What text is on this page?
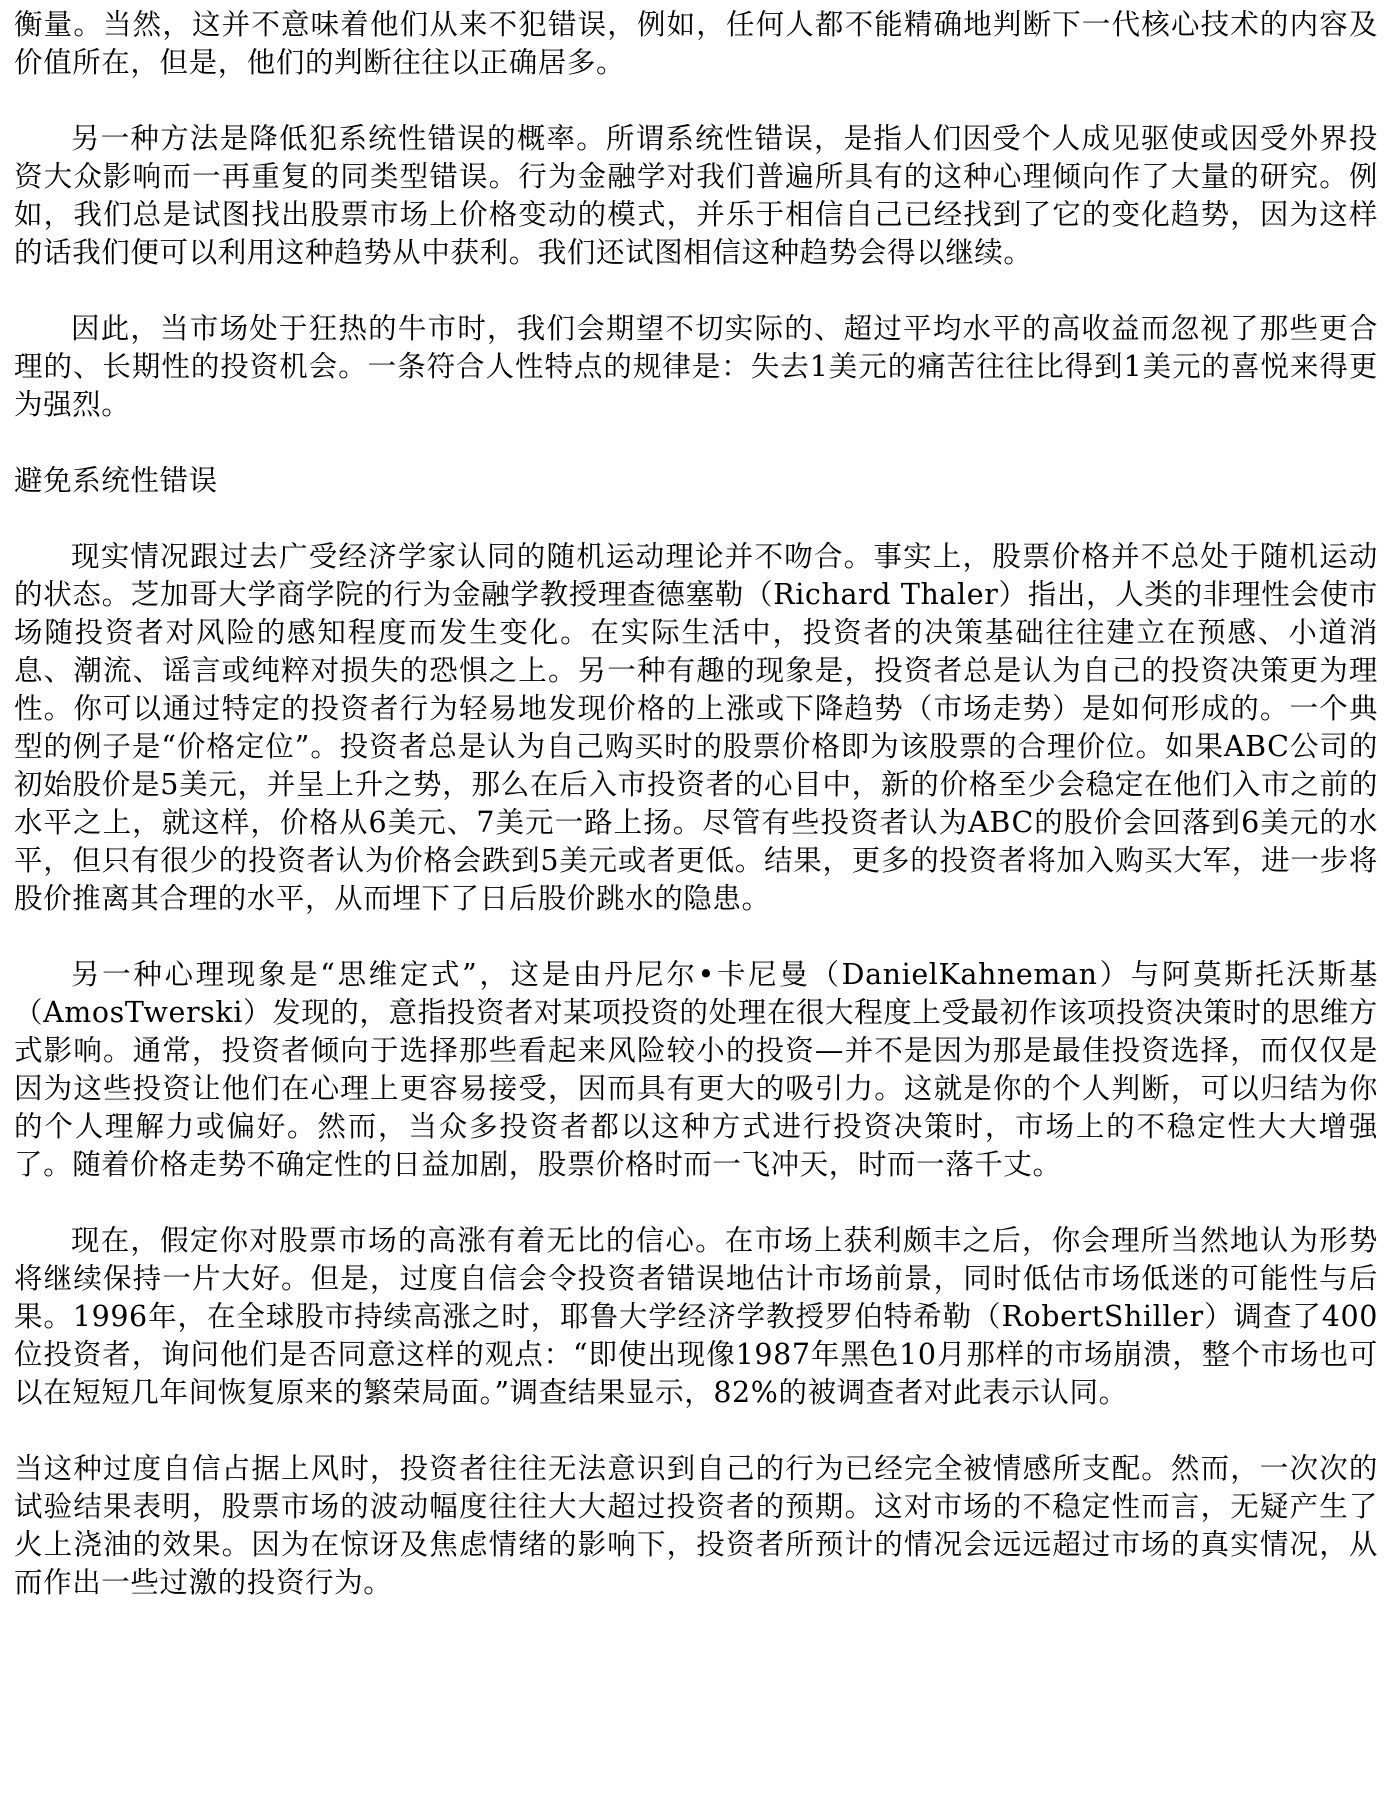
衡量。当然，这并不意味着他们从来不犯错误，例如，任何人都不能精确地判断下一代核心技术的内容及价值所在，但是，他们的判断往往以正确居多。

另一种方法是降低犯系统性错误的概率。所谓系统性错误，是指人们因受个人成见驱使或因受外界投资大众影响而一再重复的同类型错误。行为金融学对我们普遍所具有的这种心理倾向作了大量的研究。例如，我们总是试图找出股票市场上价格变动的模式，并乐于相信自己已经找到了它的变化趋势，因为这样的话我们便可以利用这种趋势从中获利。我们还试图相信这种趋势会得以继续。

因此，当市场处于狂热的牛市时，我们会期望不切实际的、超过平均水平的高收益而忽视了那些更合理的、长期性的投资机会。一条符合人性特点的规律是：失去1美元的痛苦往往比得到1美元的喜悦来得更为强烈。

避免系统性错误

现实情况跟过去广受经济学家认同的随机运动理论并不吻合。事实上，股票价格并不总处于随机运动的状态。芝加哥大学商学院的行为金融学教授理查德塞勒（Richard Thaler）指出，人类的非理性会使市场随投资者对风险的感知程度而发生变化。在实际生活中，投资者的决策基础往往建立在预感、小道消息、潮流、谣言或纯粹对损失的恐惧之上。另一种有趣的现象是，投资者总是认为自己的投资决策更为理性。你可以通过特定的投资者行为轻易地发现价格的上涨或下降趋势（市场走势）是如何形成的。一个典型的例子是“价格定位”。投资者总是认为自己购买时的股票价格即为该股票的合理价位。如果ABC公司的初始股价是5美元，并呈上升之势，那么在后入市投资者的心目中，新的价格至少会稳定在他们入市之前的水平之上，就这样，价格从6美元、7美元一路上扬。尽管有些投资者认为ABC的股价会回落到6美元的水平，但只有很少的投资者认为价格会跌到5美元或者更低。结果，更多的投资者将加入购买大军，进一步将股价推离其合理的水平，从而埋下了日后股价跳水的隐患。

另一种心理现象是“思维定式”，这是由丹尼尔•卡尼曼（DanielKahneman）与阿莫斯托沃斯基（AmosTwerski）发现的，意指投资者对某项投资的处理在很大程度上受最初作该项投资决策时的思维方式影响。通常，投资者倾向于选择那些看起来风险较小的投资—并不是因为那是最佳投资选择，而仅仅是因为这些投资让他们在心理上更容易接受，因而具有更大的吸引力。这就是你的个人判断，可以归结为你的个人理解力或偏好。然而，当众多投资者都以这种方式进行投资决策时，市场上的不稳定性大大增强了。随着价格走势不确定性的日益加剧，股票价格时而一飞冲天，时而一落千丈。

现在，假定你对股票市场的高涨有着无比的信心。在市场上获利颇丰之后，你会理所当然地认为形势将继续保持一片大好。但是，过度自信会令投资者错误地估计市场前景，同时低估市场低迷的可能性与后果。1996年，在全球股市持续高涨之时，耶鲁大学经济学教授罗伯特希勒（RobertShiller）调查了400位投资者，询问他们是否同意这样的观点：“即使出现像1987年黑色10月那样的市场崩溃，整个市场也可以在短短几年间恢复原来的繁荣局面。”调查结果显示，82%的被调查者对此表示认同。

当这种过度自信占据上风时，投资者往往无法意识到自己的行为已经完全被情感所支配。然而，一次次的试验结果表明，股票市场的波动幅度往往大大超过投资者的预期。这对市场的不稳定性而言，无疑产生了火上浇油的效果。因为在惊讶及焦虑情绪的影响下，投资者所预计的情况会远远超过市场的真实情况，从而作出一些过激的投资行为。
